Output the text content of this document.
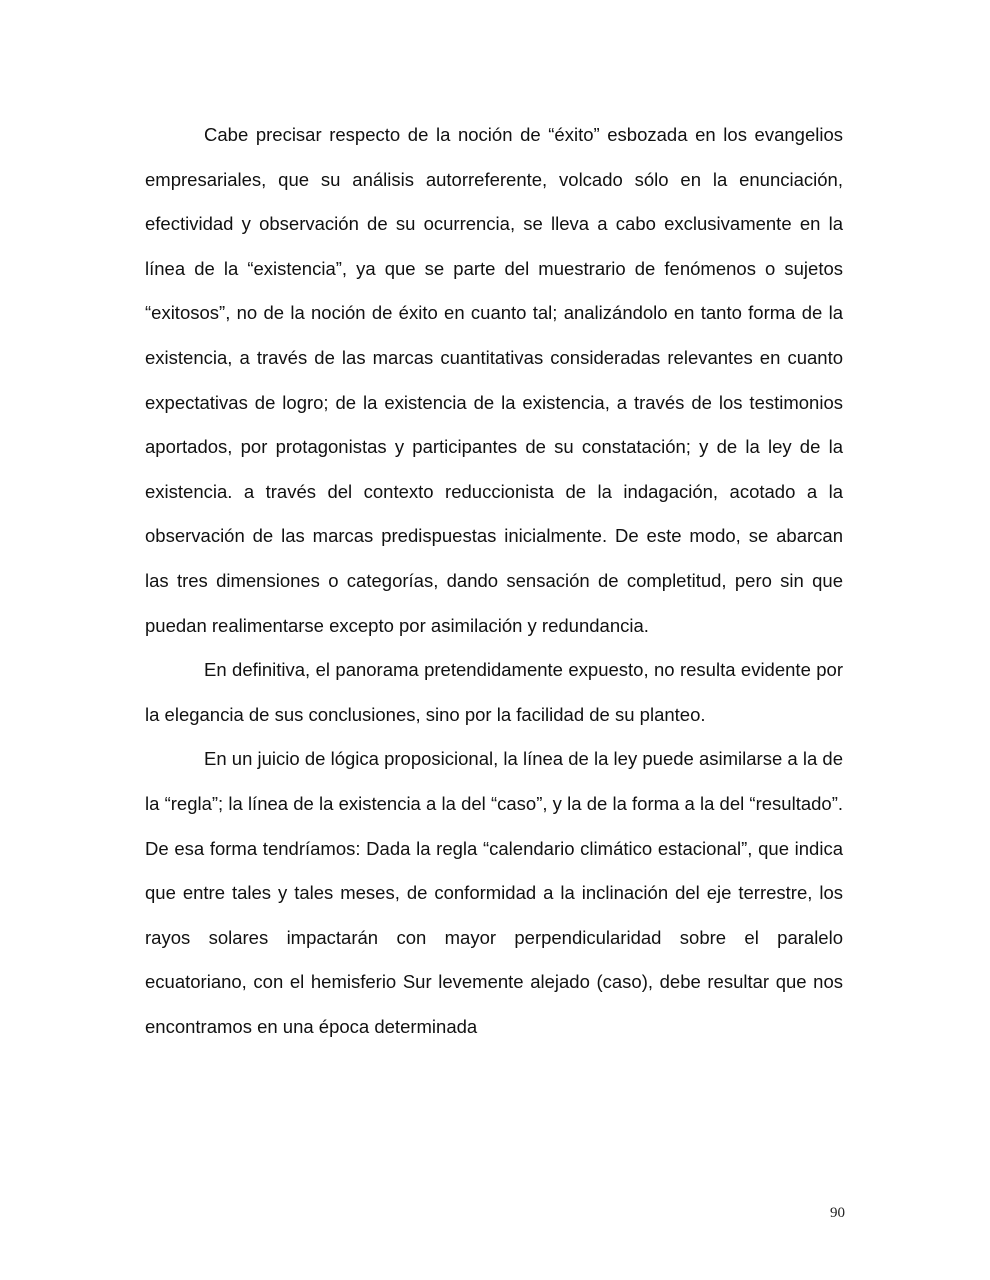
Cabe precisar respecto de la noción de “éxito” esbozada en los evangelios empresariales, que su análisis autorreferente, volcado sólo en la enunciación, efectividad y observación de su ocurrencia, se lleva a cabo exclusivamente en la línea de la “existencia”, ya que se parte del muestrario de fenómenos o sujetos “exitosos”, no de la noción de éxito en cuanto tal; analizándolo en tanto forma de la existencia, a través de las marcas cuantitativas consideradas relevantes en cuanto expectativas de logro; de la existencia de la existencia, a través de los testimonios aportados, por protagonistas y participantes de su constatación; y de la ley de la existencia. a través del contexto reduccionista de la indagación, acotado a la observación de las marcas predispuestas inicialmente. De este modo, se abarcan las tres dimensiones o categorías, dando sensación de completitud, pero sin que puedan realimentarse excepto por asimilación y redundancia.

En definitiva, el panorama pretendidamente expuesto, no resulta evidente por la elegancia de sus conclusiones, sino por la facilidad de su planteo.

En un juicio de lógica proposicional, la línea de la ley puede asimilarse a la de la “regla”; la línea de la existencia a la del “caso”, y la de la forma a la del “resultado”. De esa forma tendríamos: Dada la regla “calendario climático estacional”, que indica que entre tales y tales meses, de conformidad a la inclinación del eje terrestre, los rayos solares impactarán con mayor perpendicularidad sobre el paralelo ecuatoriano, con el hemisferio Sur levemente alejado (caso), debe resultar que nos encontramos en una época determinada

90
